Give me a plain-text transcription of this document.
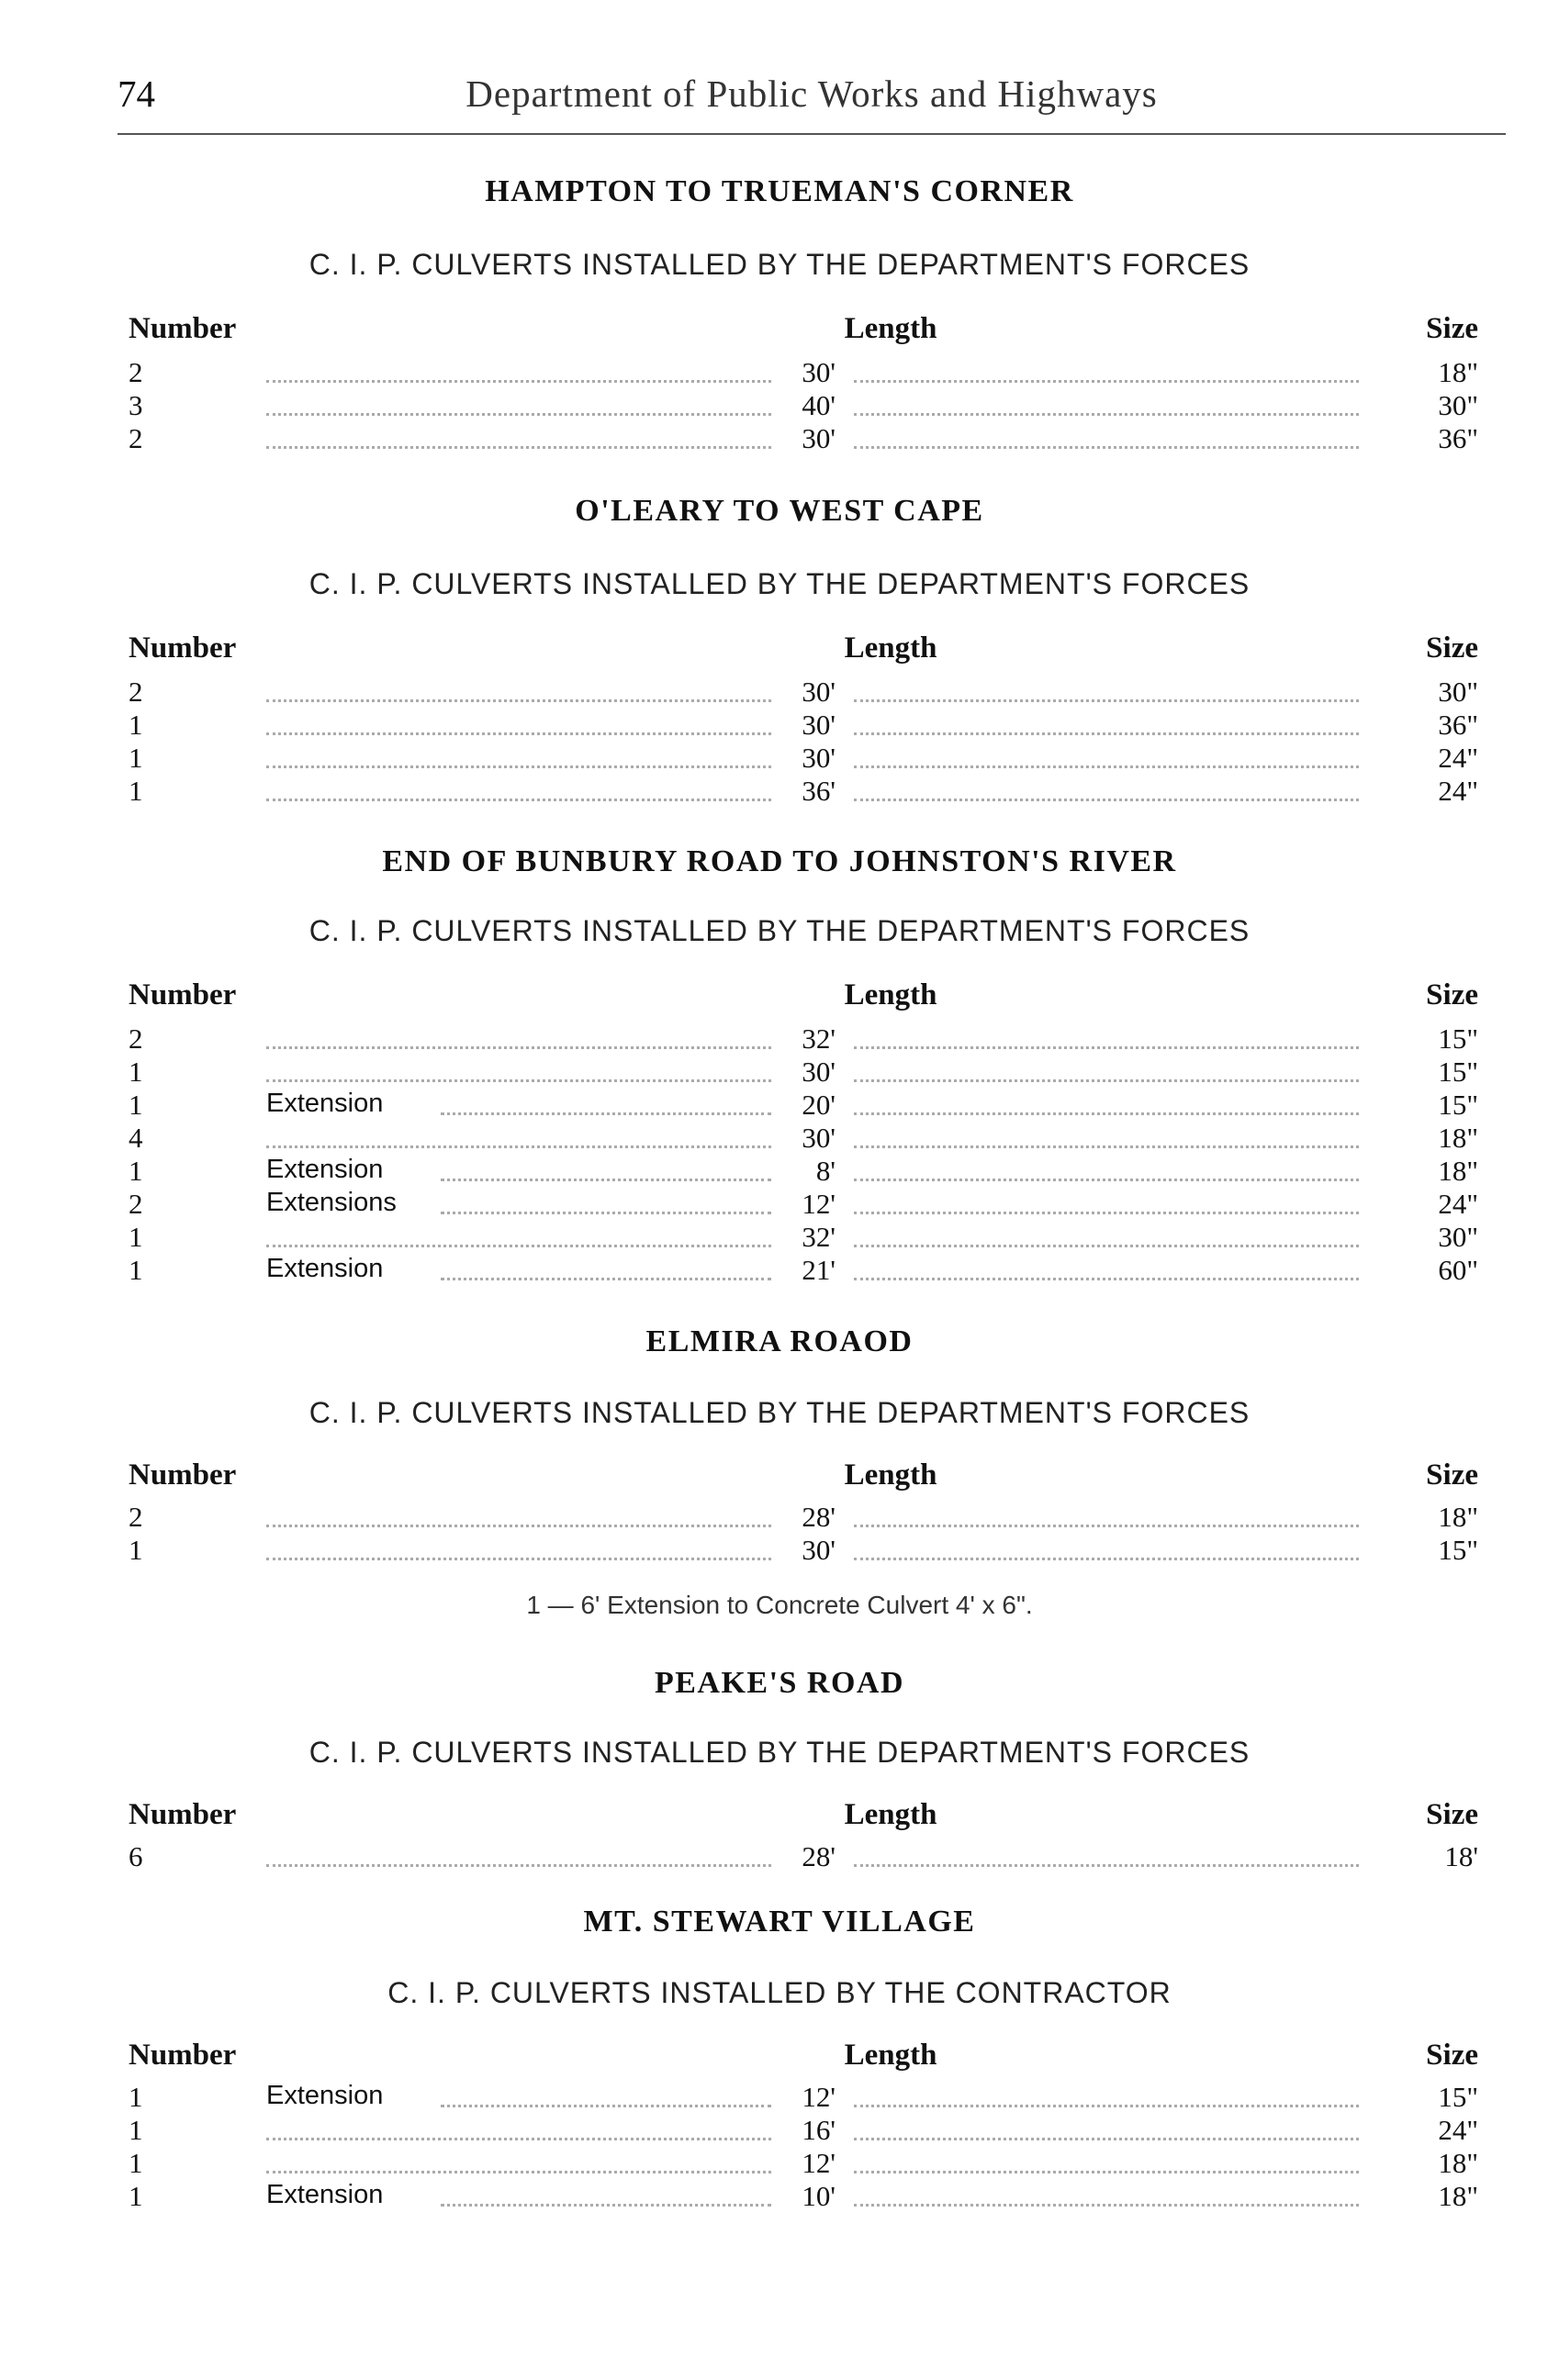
74	Department of Public Works and Highways
HAMPTON TO TRUEMAN'S CORNER
C. I. P. CULVERTS INSTALLED BY THE DEPARTMENT'S FORCES
Number	Length	Size
2	30'	18"
3	40'	30"
2	30'	36"
O'LEARY TO WEST CAPE
C. I. P. CULVERTS INSTALLED BY THE DEPARTMENT'S FORCES
Number	Length	Size
2	30'	30"
1	30'	36"
1	30'	24"
1	36'	24"
END OF BUNBURY ROAD TO JOHNSTON'S RIVER
C. I. P. CULVERTS INSTALLED BY THE DEPARTMENT'S FORCES
Number	Length	Size
2	32'	15"
1	30'	15"
1	Extension	20'	15"
4	30'	18"
1	Extension	8'	18"
2	Extensions	12'	24"
1	32'	30"
1	Extension	21'	60"
ELMIRA ROAOD
C. I. P. CULVERTS INSTALLED BY THE DEPARTMENT'S FORCES
Number	Length	Size
2	28'	18"
1	30'	15"
1 — 6' Extension to Concrete Culvert 4' x 6".
PEAKE'S ROAD
C. I. P. CULVERTS INSTALLED BY THE DEPARTMENT'S FORCES
Number	Length	Size
6	28'	18'
MT. STEWART VILLAGE
C. I. P. CULVERTS INSTALLED BY THE CONTRACTOR
Number	Length	Size
1	Extension	12'	15"
1	16'	24"
1	12'	18"
1	Extension	10'	18"
